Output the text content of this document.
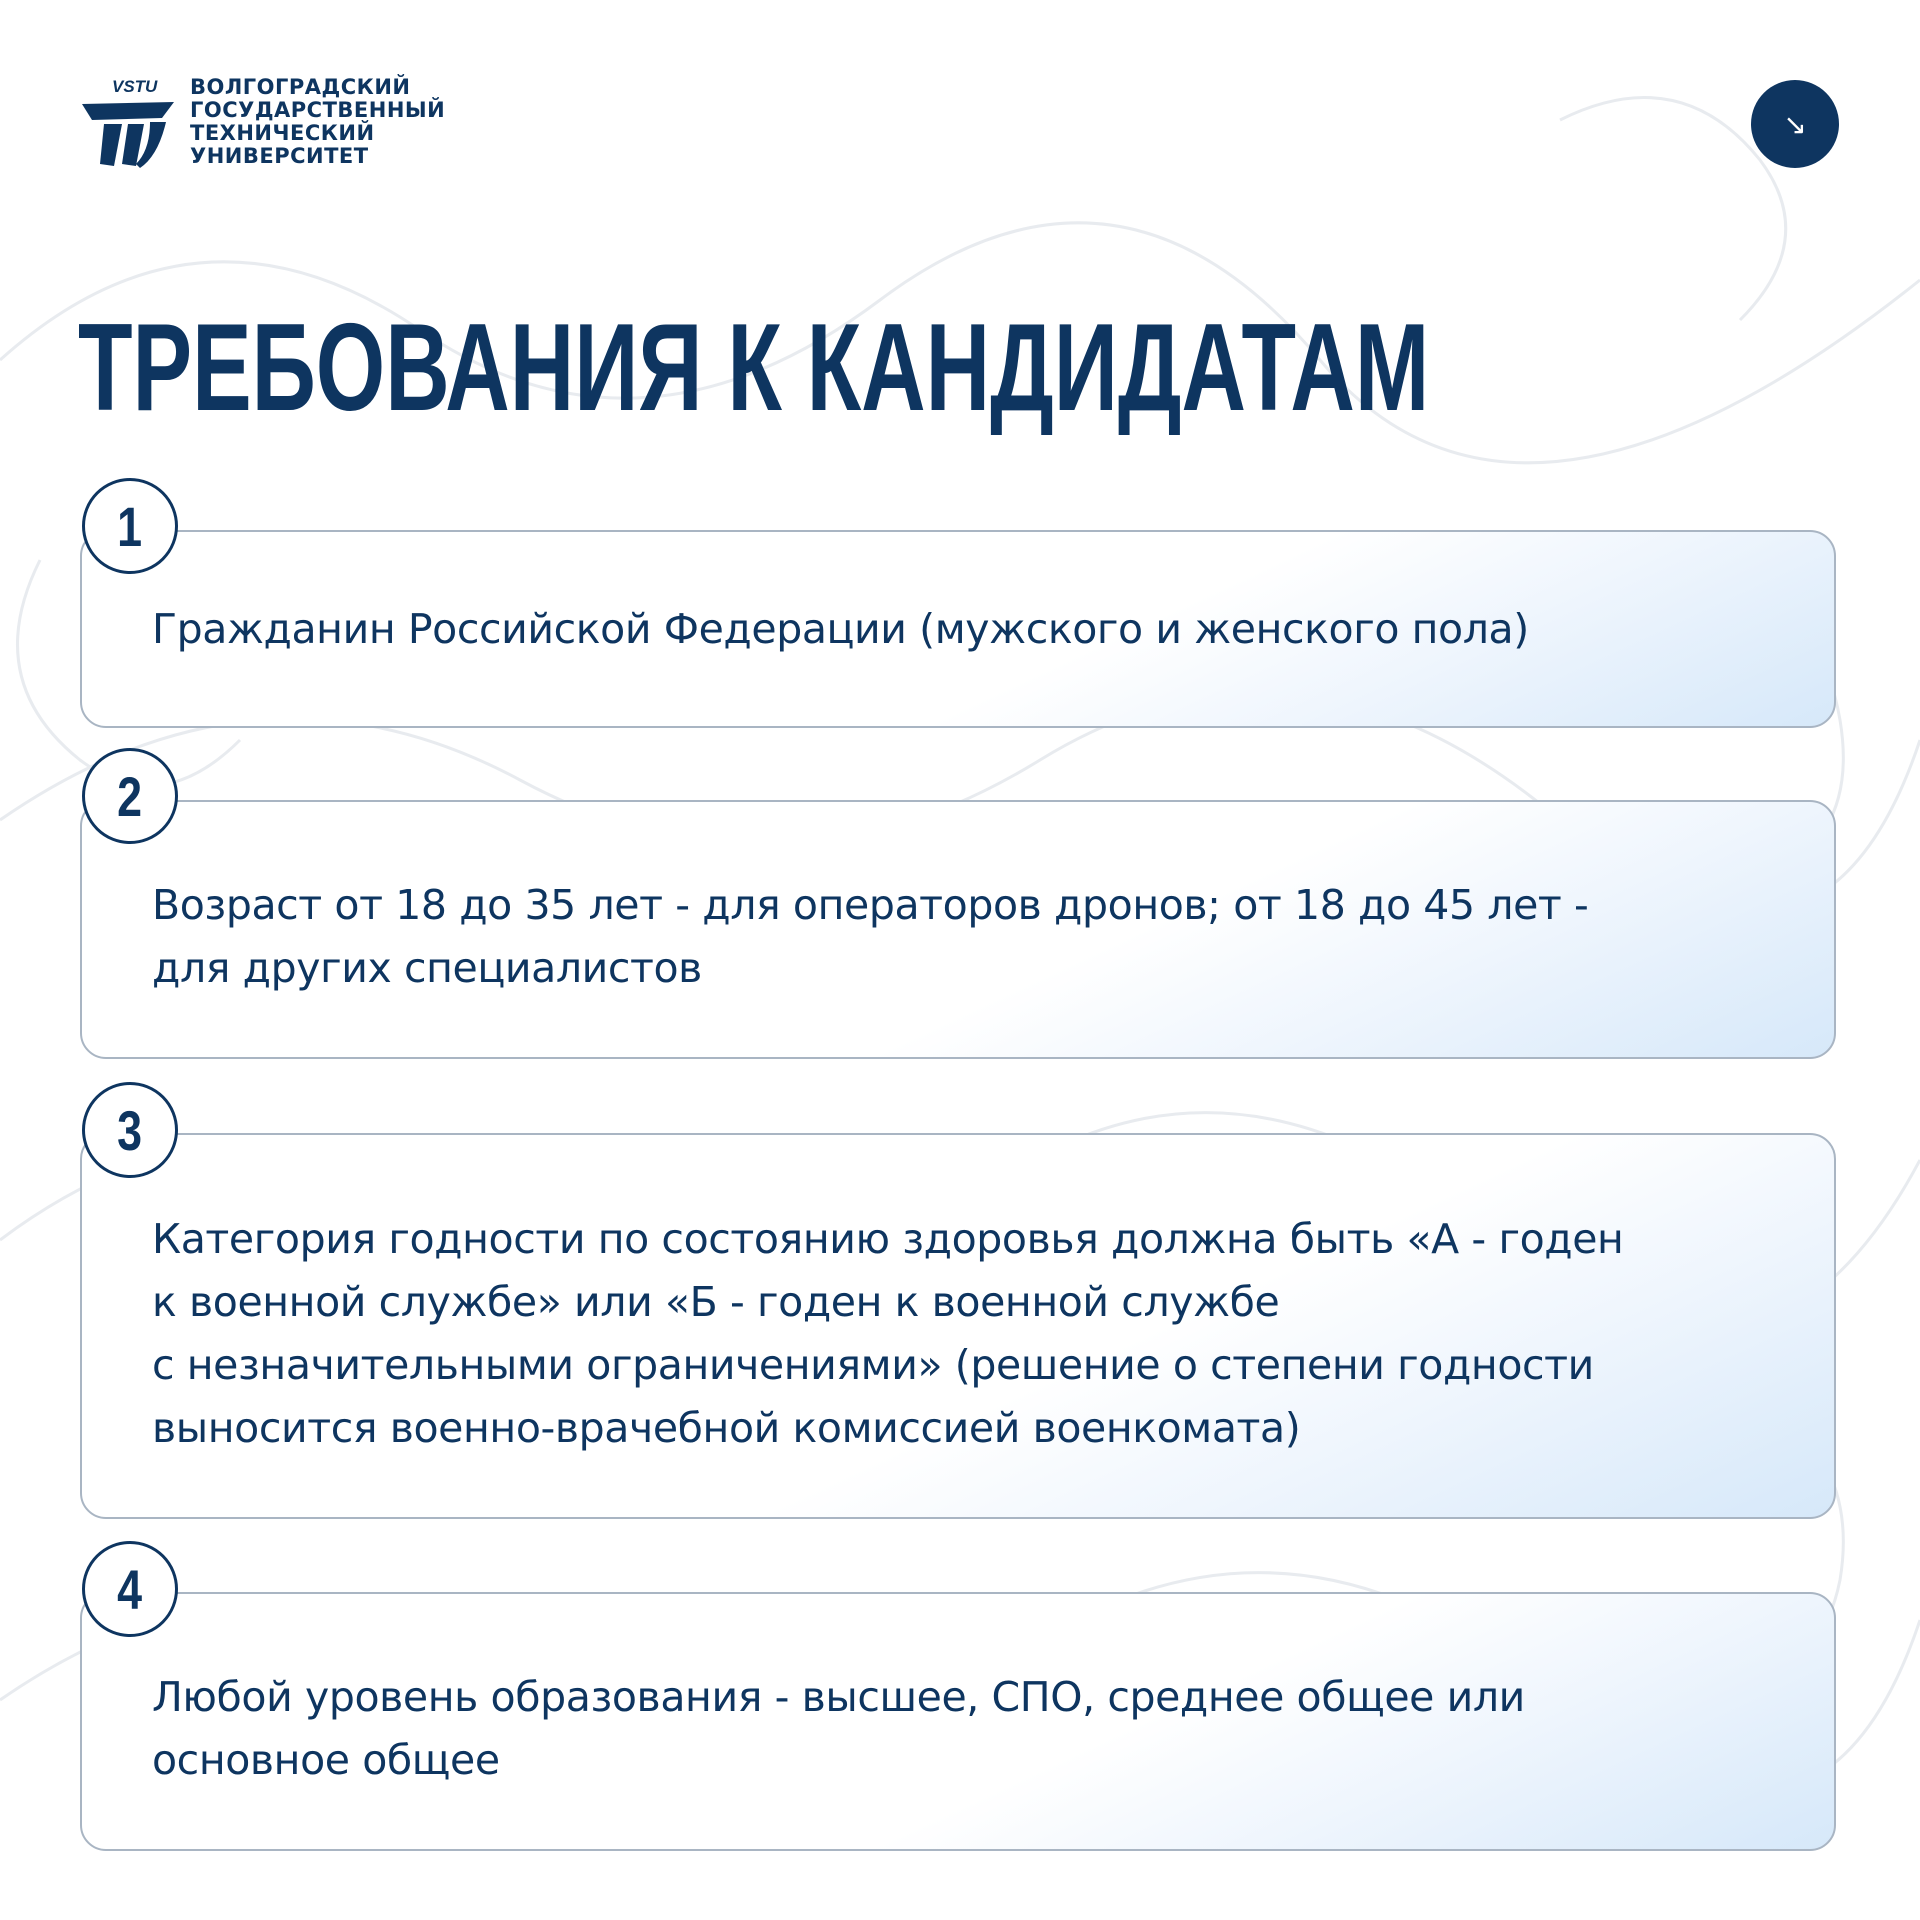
VSTU ВОЛГОГРАДСКИЙ
ГОСУДАРСТВЕННЫЙ
ТЕХНИЧЕСКИЙ
УНИВЕРСИТЕТ
↘
ТРЕБОВАНИЯ К КАНДИДАТАМ
Гражданин Российской Федерации (мужского и женского пола)
1
Возраст от 18 до 35 лет - для операторов дронов; от 18 до 45 лет -
для других специалистов
2
Категория годности по состоянию здоровья должна быть «А - годен
к военной службе» или «Б - годен к военной службе
с незначительными ограничениями» (решение о степени годности
выносится военно-врачебной комиссией военкомата)
3
Любой уровень образования - высшее, СПО, среднее общее или
основное общее
4
